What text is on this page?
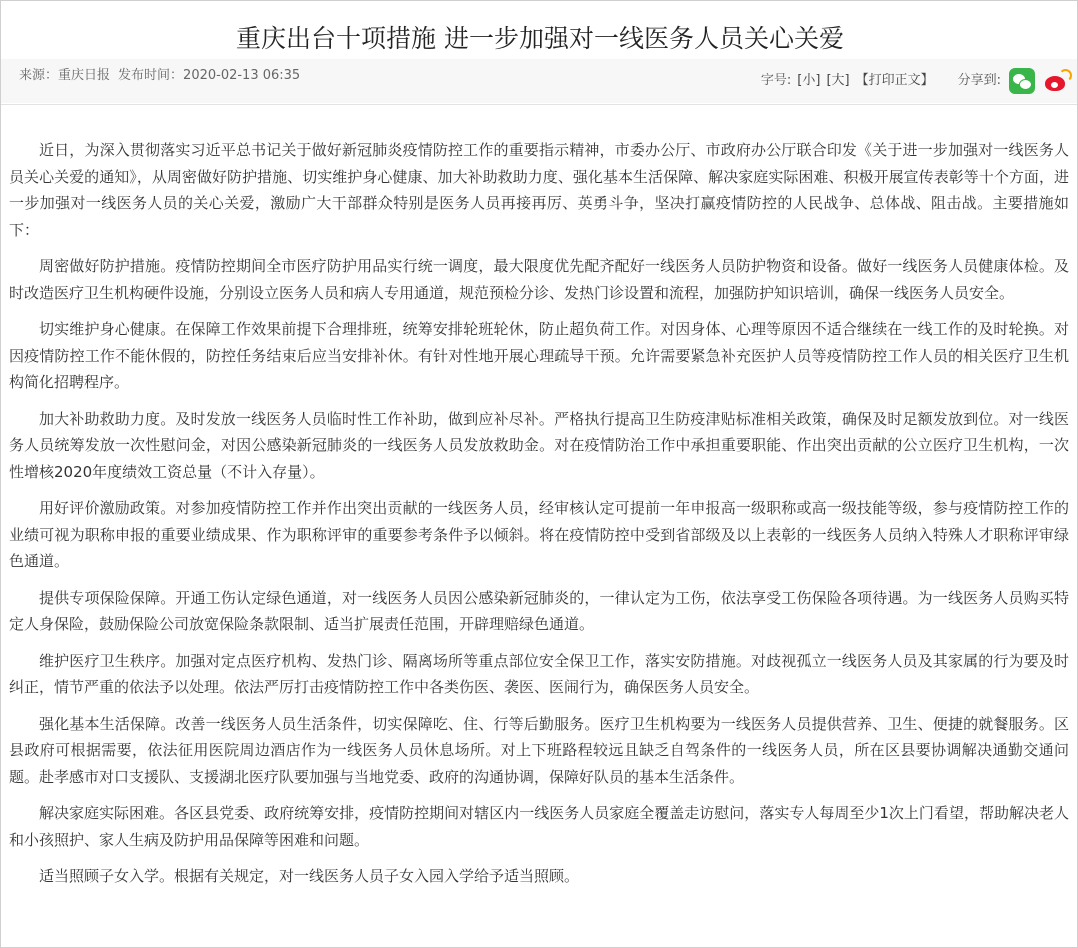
重庆出台十项措施 进一步加强对一线医务人员关心关爱
来源：重庆日报 发布时间：2020-02-13 06:35	字号: [小] [大] 【打印正文】 分享到:

近日，为深入贯彻落实习近平总书记关于做好新冠肺炎疫情防控工作的重要指示精神，市委办公厅、市政府办公厅联合印发《关于进一步加强对一线医务人员关心关爱的通知》，从周密做好防护措施、切实维护身心健康、加大补助救助力度、强化基本生活保障、解决家庭实际困难、积极开展宣传表彰等十个方面，进一步加强对一线医务人员的关心关爱，激励广大干部群众特别是医务人员再接再厉、英勇斗争，坚决打赢疫情防控的人民战争、总体战、阻击战。主要措施如下：

周密做好防护措施。疫情防控期间全市医疗防护用品实行统一调度，最大限度优先配齐配好一线医务人员防护物资和设备。做好一线医务人员健康体检。及时改造医疗卫生机构硬件设施，分别设立医务人员和病人专用通道，规范预检分诊、发热门诊设置和流程，加强防护知识培训，确保一线医务人员安全。

切实维护身心健康。在保障工作效果前提下合理排班，统筹安排轮班轮休，防止超负荷工作。对因身体、心理等原因不适合继续在一线工作的及时轮换。对因疫情防控工作不能休假的，防控任务结束后应当安排补休。有针对性地开展心理疏导干预。允许需要紧急补充医护人员等疫情防控工作人员的相关医疗卫生机构简化招聘程序。

加大补助救助力度。及时发放一线医务人员临时性工作补助，做到应补尽补。严格执行提高卫生防疫津贴标准相关政策，确保及时足额发放到位。对一线医务人员统筹发放一次性慰问金，对因公感染新冠肺炎的一线医务人员发放救助金。对在疫情防治工作中承担重要职能、作出突出贡献的公立医疗卫生机构，一次性增核2020年度绩效工资总量（不计入存量）。

用好评价激励政策。对参加疫情防控工作并作出突出贡献的一线医务人员，经审核认定可提前一年申报高一级职称或高一级技能等级，参与疫情防控工作的业绩可视为职称申报的重要业绩成果、作为职称评审的重要参考条件予以倾斜。将在疫情防控中受到省部级及以上表彰的一线医务人员纳入特殊人才职称评审绿色通道。

提供专项保险保障。开通工伤认定绿色通道，对一线医务人员因公感染新冠肺炎的，一律认定为工伤，依法享受工伤保险各项待遇。为一线医务人员购买特定人身保险，鼓励保险公司放宽保险条款限制、适当扩展责任范围，开辟理赔绿色通道。

维护医疗卫生秩序。加强对定点医疗机构、发热门诊、隔离场所等重点部位安全保卫工作，落实安防措施。对歧视孤立一线医务人员及其家属的行为要及时纠正，情节严重的依法予以处理。依法严厉打击疫情防控工作中各类伤医、袭医、医闹行为，确保医务人员安全。

强化基本生活保障。改善一线医务人员生活条件，切实保障吃、住、行等后勤服务。医疗卫生机构要为一线医务人员提供营养、卫生、便捷的就餐服务。区县政府可根据需要，依法征用医院周边酒店作为一线医务人员休息场所。对上下班路程较远且缺乏自驾条件的一线医务人员，所在区县要协调解决通勤交通问题。赴孝感市对口支援队、支援湖北医疗队要加强与当地党委、政府的沟通协调，保障好队员的基本生活条件。

解决家庭实际困难。各区县党委、政府统筹安排，疫情防控期间对辖区内一线医务人员家庭全覆盖走访慰问，落实专人每周至少1次上门看望，帮助解决老人和小孩照护、家人生病及防护用品保障等困难和问题。

适当照顾子女入学。根据有关规定，对一线医务人员子女入园入学给予适当照顾。
